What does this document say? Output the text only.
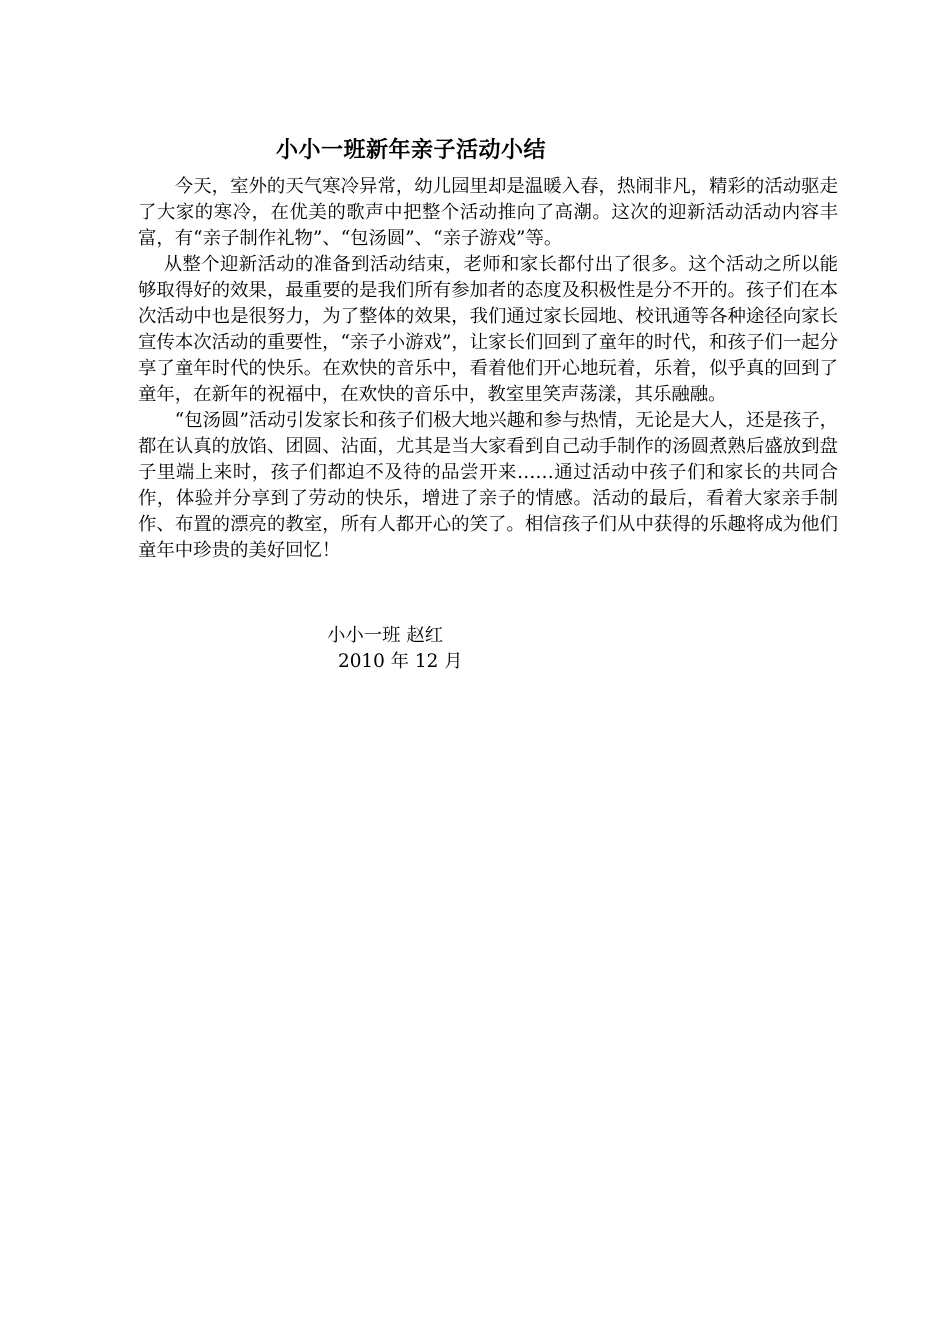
小小一班新年亲子活动小结

今天，室外的天气寒冷异常，幼儿园里却是温暖入春，热闹非凡，精彩的活动驱走了大家的寒冷，在优美的歌声中把整个活动推向了高潮。这次的迎新活动活动内容丰富，有“亲子制作礼物”、“包汤圆”、“亲子游戏”等。

从整个迎新活动的准备到活动结束，老师和家长都付出了很多。这个活动之所以能够取得好的效果，最重要的是我们所有参加者的态度及积极性是分不开的。孩子们在本次活动中也是很努力，为了整体的效果，我们通过家长园地、校讯通等各种途径向家长宣传本次活动的重要性，“亲子小游戏”，让家长们回到了童年的时代，和孩子们一起分享了童年时代的快乐。在欢快的音乐中，看着他们开心地玩着，乐着，似乎真的回到了童年，在新年的祝福中，在欢快的音乐中，教室里笑声荡漾，其乐融融。

“包汤圆”活动引发家长和孩子们极大地兴趣和参与热情，无论是大人，还是孩子，都在认真的放馅、团圆、沾面，尤其是当大家看到自己动手制作的汤圆煮熟后盛放到盘子里端上来时，孩子们都迫不及待的品尝开来……通过活动中孩子们和家长的共同合作，体验并分享到了劳动的快乐，增进了亲子的情感。活动的最后，看着大家亲手制作、布置的漂亮的教室，所有人都开心的笑了。相信孩子们从中获得的乐趣将成为他们童年中珍贵的美好回忆！

小小一班 赵红
2010 年 12 月
